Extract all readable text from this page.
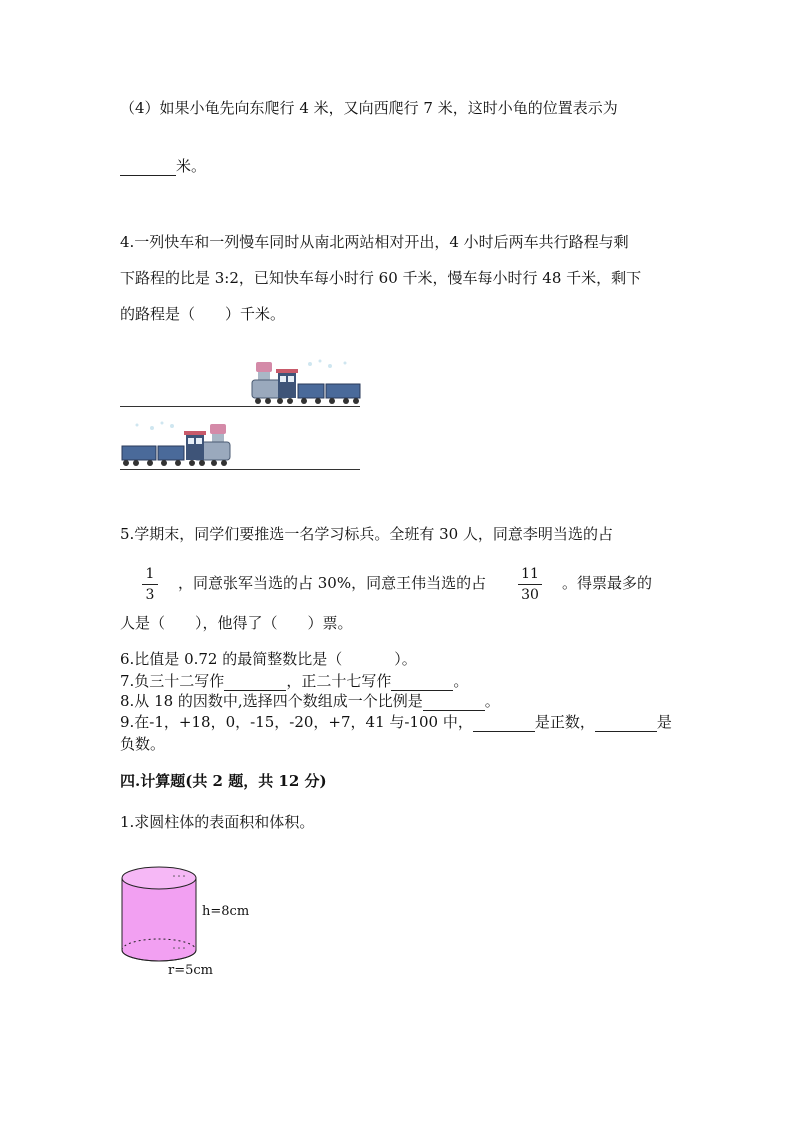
（4）如果小龟先向东爬行 4 米，又向西爬行 7 米，这时小龟的位置表示为
米。
4.一列快车和一列慢车同时从南北两站相对开出，4 小时后两车共行路程与剩
下路程的比是 3:2，已知快车每小时行 60 千米，慢车每小时行 48 千米，剩下
的路程是（　　）千米。
5.学期末，同学们要推选一名学习标兵。全班有 30 人，同意李明当选的占
1
3
，同意张军当选的占 30%，同意王伟当选的占 11
30
。得票最多的
人是（　　），他得了（　　）票。
6.比值是 0.72 的最简整数比是（	）。
7.负三十二写作	，正二十七写作	。
8.从 18 的因数中,选择四个数组成一个比例是	。
9.在-1，+18，0，-15，-20，+7，41 与-100 中，	是正数，	是
负数。
四.计算题(共 2 题，共 12 分)
1.求圆柱体的表面积和体积。
h=8cm
r=5cm
